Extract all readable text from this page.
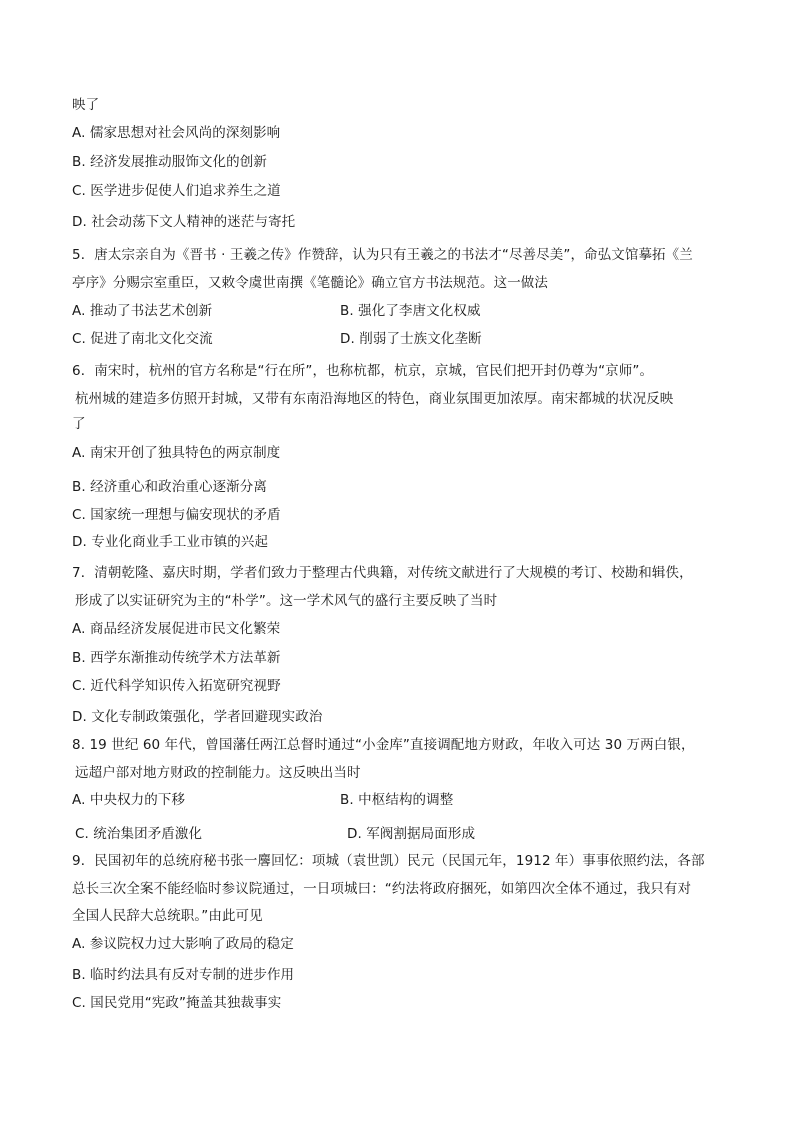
映了
A. 儒家思想对社会风尚的深刻影响
B. 经济发展推动服饰文化的创新
C. 医学进步促使人们追求养生之道
D. 社会动荡下文人精神的迷茫与寄托
5．唐太宗亲自为《晋书 · 王羲之传》作赞辞，认为只有王羲之的书法才“尽善尽美”，命弘文馆摹拓《兰
亭序》分赐宗室重臣，又敕令虞世南撰《笔髓论》确立官方书法规范。这一做法
A. 推动了书法艺术创新	B. 强化了李唐文化权威
C. 促进了南北文化交流	D. 削弱了士族文化垄断
6．南宋时，杭州的官方名称是“行在所”，也称杭都，杭京，京城，官民们把开封仍尊为“京师”。
杭州城的建造多仿照开封城，又带有东南沿海地区的特色，商业氛围更加浓厚。南宋都城的状况反映
了
A. 南宋开创了独具特色的两京制度
B. 经济重心和政治重心逐渐分离
C. 国家统一理想与偏安现状的矛盾
D. 专业化商业手工业市镇的兴起
7．清朝乾隆、嘉庆时期，学者们致力于整理古代典籍，对传统文献进行了大规模的考订、校勘和辑佚，
形成了以实证研究为主的“朴学”。这一学术风气的盛行主要反映了当时
A. 商品经济发展促进市民文化繁荣
B. 西学东渐推动传统学术方法革新
C. 近代科学知识传入拓宽研究视野
D. 文化专制政策强化，学者回避现实政治
8. 19 世纪 60 年代，曾国藩任两江总督时通过“小金库”直接调配地方财政，年收入可达 30 万两白银，
远超户部对地方财政的控制能力。这反映出当时
A. 中央权力的下移	B. 中枢结构的调整
C. 统治集团矛盾激化	D. 军阀割据局面形成
9．民国初年的总统府秘书张一麐回忆：项城（袁世凯）民元（民国元年，1912 年）事事依照约法，各部
总长三次全案不能经临时参议院通过，一日项城曰：“约法将政府捆死，如第四次全体不通过，我只有对
全国人民辞大总统职。”由此可见
A. 参议院权力过大影响了政局的稳定
B. 临时约法具有反对专制的进步作用
C. 国民党用“宪政”掩盖其独裁事实
